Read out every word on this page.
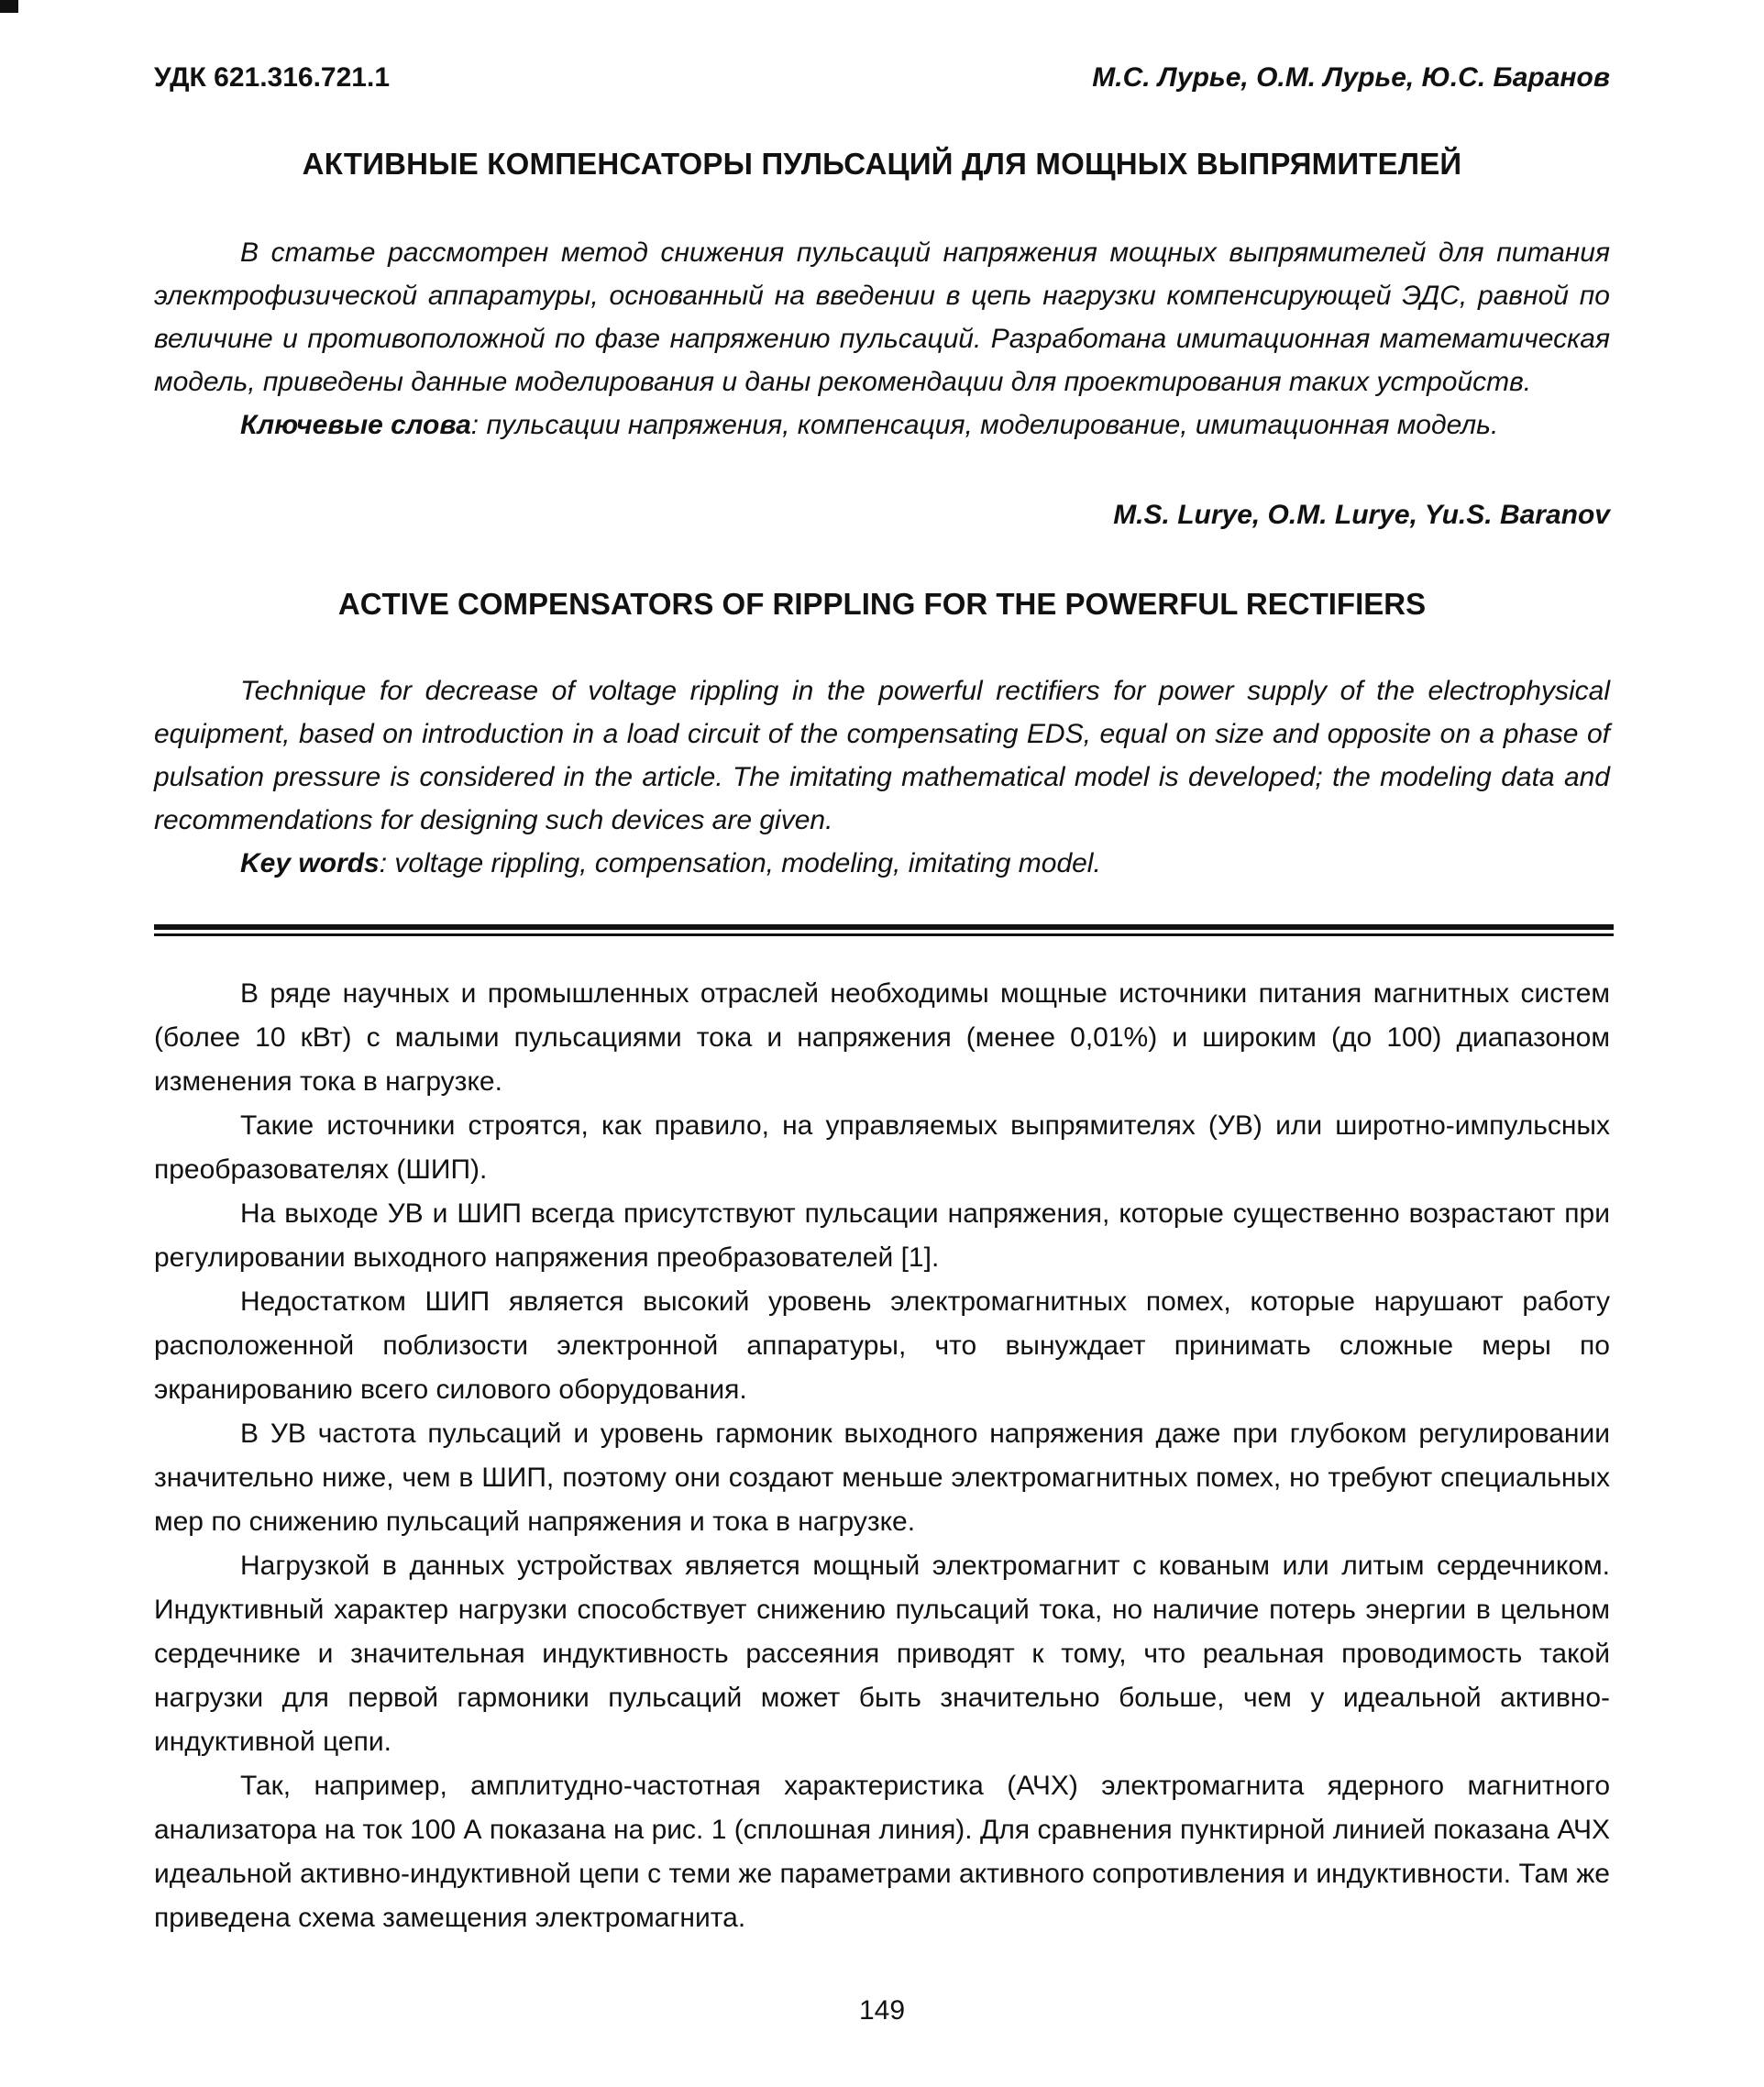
УДК 621.316.721.1	М.С. Лурье, О.М. Лурье, Ю.С. Баранов
АКТИВНЫЕ КОМПЕНСАТОРЫ ПУЛЬСАЦИЙ ДЛЯ МОЩНЫХ ВЫПРЯМИТЕЛЕЙ

В статье рассмотрен метод снижения пульсаций напряжения мощных выпрямителей для питания электрофизической аппаратуры, основанный на введении в цепь нагрузки компенсирующей ЭДС, равной по величине и противоположной по фазе напряжению пульсаций. Разработана имитационная математическая модель, приведены данные моделирования и даны рекомендации для проектирования таких устройств.

Ключевые слова: пульсации напряжения, компенсация, моделирование, имитационная модель.

M.S. Lurye, O.M. Lurye, Yu.S. Baranov
ACTIVE COMPENSATORS OF RIPPLING FOR THE POWERFUL RECTIFIERS

Technique for decrease of voltage rippling in the powerful rectifiers for power supply of the electrophysical equipment, based on introduction in a load circuit of the compensating EDS, equal on size and opposite on a phase of pulsation pressure is considered in the article. The imitating mathematical model is developed; the modeling data and recommendations for designing such devices are given.

Key words: voltage rippling, compensation, modeling, imitating model.

В ряде научных и промышленных отраслей необходимы мощные источники питания магнитных систем (более 10 кВт) с малыми пульсациями тока и напряжения (менее 0,01%) и широким (до 100) диапазоном изменения тока в нагрузке.

Такие источники строятся, как правило, на управляемых выпрямителях (УВ) или широтно-импульсных преобразователях (ШИП).

На выходе УВ и ШИП всегда присутствуют пульсации напряжения, которые существенно возрастают при регулировании выходного напряжения преобразователей [1].

Недостатком ШИП является высокий уровень электромагнитных помех, которые нарушают работу расположенной поблизости электронной аппаратуры, что вынуждает принимать сложные меры по экранированию всего силового оборудования.

В УВ частота пульсаций и уровень гармоник выходного напряжения даже при глубоком регулировании значительно ниже, чем в ШИП, поэтому они создают меньше электромагнитных помех, но требуют специальных мер по снижению пульсаций напряжения и тока в нагрузке.

Нагрузкой в данных устройствах является мощный электромагнит с кованым или литым сердечником. Индуктивный характер нагрузки способствует снижению пульсаций тока, но наличие потерь энергии в цельном сердечнике и значительная индуктивность рассеяния приводят к тому, что реальная проводимость такой нагрузки для первой гармоники пульсаций может быть значительно больше, чем у идеальной активно-индуктивной цепи.

Так, например, амплитудно-частотная характеристика (АЧХ) электромагнита ядерного магнитного анализатора на ток 100 А показана на рис. 1 (сплошная линия). Для сравнения пунктирной линией показана АЧХ идеальной активно-индуктивной цепи с теми же параметрами активного сопротивления и индуктивности. Там же приведена схема замещения электромагнита.

149
